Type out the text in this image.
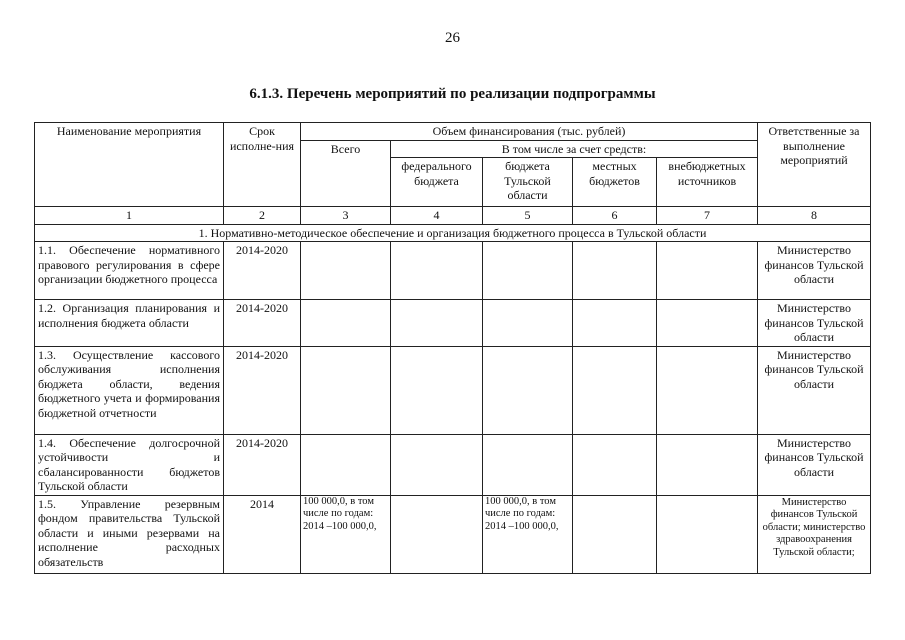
26
6.1.3. Перечень мероприятий по реализации подпрограммы
Наименование мероприятия	Срок исполне-ния	Объем финансирования (тыс. рублей)					Ответственные за выполнение мероприятий
		Всего	В том числе за счет средств:				
			федерального бюджета	бюджета Тульской области	местных бюджетов	внебюджетных источников	
1	2	3	4	5	6	7	8
1. Нормативно-методическое обеспечение и организация бюджетного процесса в Тульской области							
1.1. Обеспечение нормативного правового регулирования в сфере организации бюджетного процесса	2014-2020						Министерство финансов Тульской области
1.2. Организация планирования и исполнения бюджета области	2014-2020						Министерство финансов Тульской области
1.3. Осуществление кассового обслуживания исполнения бюджета области, ведения бюджетного учета и формирования бюджетной отчетности	2014-2020						Министерство финансов Тульской области
1.4. Обеспечение долгосрочной устойчивости и сбалансированности бюджетов Тульской области	2014-2020						Министерство финансов Тульской области
1.5. Управление резервным фондом правительства Тульской области и иными резервами на исполнение расходных обязательств	2014	100 000,0, в том числе по годам: 2014 –100 000,0,		100 000,0, в том числе по годам: 2014 –100 000,0,			Министерство финансов Тульской области; министерство здравоохранения Тульской области;
